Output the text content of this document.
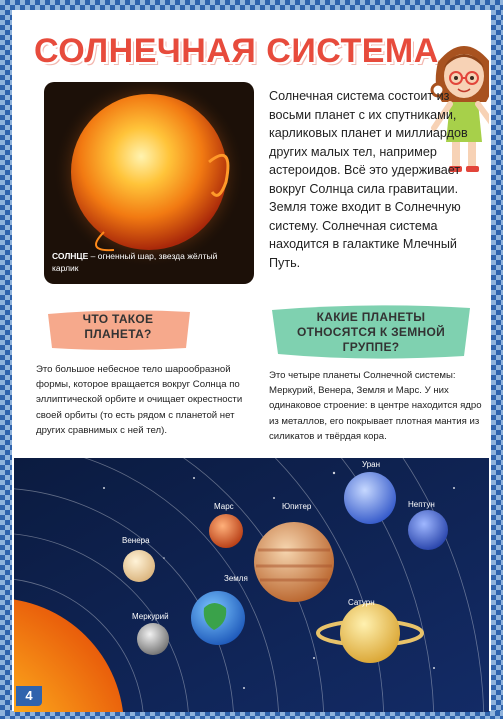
СОЛНЕЧНАЯ СИСТЕМА
СОЛНЦЕ – огненный шар, звезда жёлтый карлик
Солнечная система состоит из восьми планет с их спутниками, карликовых планет и миллиардов других малых тел, например астероидов. Всё это удерживает вокруг Солнца сила гравитации. Земля тоже входит в Солнечную систему. Солнечная система находится в галактике Млечный Путь.
ЧТО ТАКОЕ ПЛАНЕТА?
Это большое небесное тело шарообразной формы, которое вращается вокруг Солнца по эллиптической орбите и очищает окрестности своей орбиты (то есть рядом с планетой нет других сравнимых с ней тел).
КАКИЕ ПЛАНЕТЫ ОТНОСЯТСЯ К ЗЕМНОЙ ГРУППЕ?
Это четыре планеты Солнечной системы: Меркурий, Венера, Земля и Марс. У них одинаковое строение: в центре находится ядро из металлов, его покрывает плотная мантия из силикатов и твёрдая кора.
Меркурий
Венера
Земля
Марс	Юпитер
Сатурн
Уран
Нептун
4
